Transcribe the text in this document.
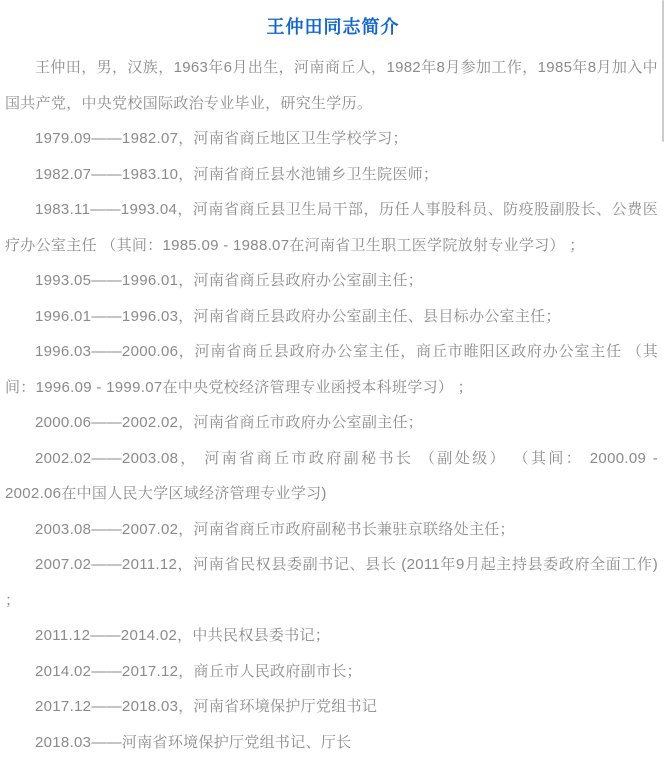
王仲田同志简介

王仲田，男，汉族，1963年6月出生，河南商丘人，1982年8月参加工作，1985年8月加入中国共产党，中央党校国际政治专业毕业，研究生学历。

1979.09——1982.07，河南省商丘地区卫生学校学习；

1982.07——1983.10，河南省商丘县水池铺乡卫生院医师；

1983.11——1993.04，河南省商丘县卫生局干部，历任人事股科员、防疫股副股长、公费医疗办公室主任 （其间：1985.09 - 1988.07在河南省卫生职工医学院放射专业学习） ；

1993.05——1996.01，河南省商丘县政府办公室副主任；

1996.01——1996.03，河南省商丘县政府办公室副主任、县目标办公室主任；

1996.03——2000.06，河南省商丘县政府办公室主任，商丘市睢阳区政府办公室主任 （其间：1996.09 - 1999.07在中央党校经济管理专业函授本科班学习） ；

2000.06——2002.02，河南省商丘市政府办公室副主任；

2002.02——2003.08， 河南省商丘市政府副秘书长 （副处级） （其间： 2000.09 - 2002.06在中国人民大学区域经济管理专业学习)

2003.08——2007.02，河南省商丘市政府副秘书长兼驻京联络处主任；

2007.02——2011.12，河南省民权县委副书记、县长 (2011年9月起主持县委政府全面工作) ；

2011.12——2014.02，中共民权县委书记；

2014.02——2017.12，商丘市人民政府副市长；

2017.12——2018.03，河南省环境保护厅党组书记

2018.03——河南省环境保护厅党组书记、厅长
